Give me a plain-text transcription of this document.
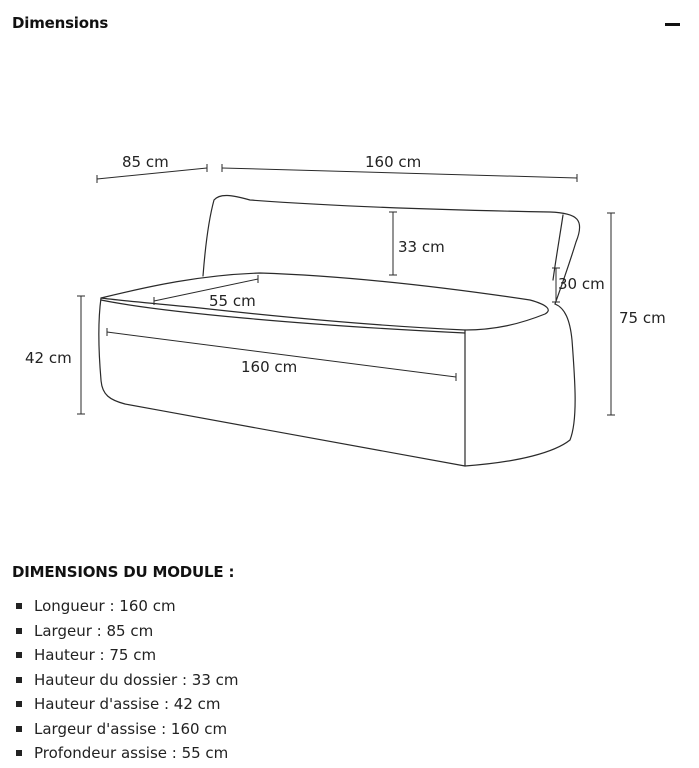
Dimensions
85 cm	160 cm
33 cm
30 cm
75 cm
55 cm
42 cm	160 cm
DIMENSIONS DU MODULE :
Longueur : 160 cm
Largeur : 85 cm
Hauteur : 75 cm
Hauteur du dossier : 33 cm
Hauteur d'assise : 42 cm
Largeur d'assise : 160 cm
Profondeur assise : 55 cm
